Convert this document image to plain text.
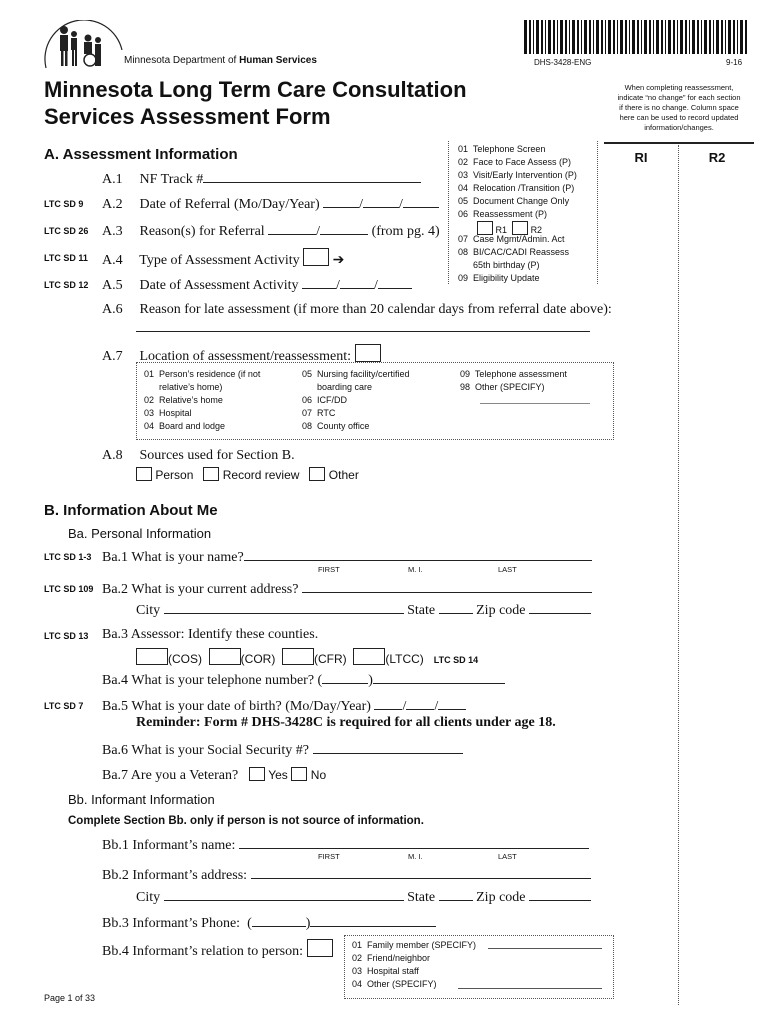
Minnesota Department of Human Services	DHS-3428-ENG	9-16
Minnesota Long Term Care Consultation
Services Assessment Form
When completing reassessment,
indicate “no change” for each section
if there is no change. Column space
here can be used to record updated
information/changes.
RI	R2
01  Telephone Screen
02  Face to Face Assess (P)
03  Visit/Early Intervention (P)
04  Relocation /Transition (P)
05  Document Change Only
06  Reassessment (P)
R1	R2
07  Case Mgmt/Admin. Act
08  BI/CAC/CADI Reassess
65th birthday (P)
09  Eligibility Update
A. Assessment Information
A.1 NF Track #
LTC SD 9 A.2 Date of Referral (Mo/Day/Year)	/	/
LTC SD 26 A.3 Reason(s) for Referral	/	(from pg. 4)
LTC SD 11 A.4 Type of Assessment Activity ➔
LTC SD 12 A.5 Date of Assessment Activity	/ /
A.6 Reason for late assessment (if more than 20 calendar days from referral date above):
A.7 Location of assessment/reassessment:
01  Person’s residence (if not
relative’s home)
02  Relative’s home
03  Hospital
04  Board and lodge
05  Nursing facility/certified
boarding care
06  ICF/DD
07  RTC
08  County office
09  Telephone assessment
98  Other (SPECIFY)
A.8 Sources used for Section B.
Person Record review Other
B. Information About Me
Ba. Personal Information
LTC SD 1-3 Ba.1 What is your name?
FIRST	M. I.	LAST
LTC SD 109 Ba.2 What is your current address?
City	State	Zip code
LTC SD 13 Ba.3 Assessor: Identify these counties.
(COS)	(COR)	(CFR)	(LTCC) LTC SD 14
Ba.4 What is your telephone number? (	)
LTC SD 7 Ba.5 What is your date of birth? (Mo/Day/Year) / /
Reminder: Form # DHS-3428C is required for all clients under age 18.
Ba.6 What is your Social Security #?
Ba.7 Are you a Veteran?	Yes No
Bb. Informant Information
Complete Section Bb. only if person is not source of information.
Bb.1 Informant’s name:
FIRST	M. I.	LAST
Bb.2 Informant’s address:
City	State	Zip code
Bb.3 Informant’s Phone:  (	)
Bb.4 Informant’s relation to person:	01  Family member (SPECIFY)
02  Friend/neighbor
03  Hospital staff
04  Other (SPECIFY)
Page 1 of 33
